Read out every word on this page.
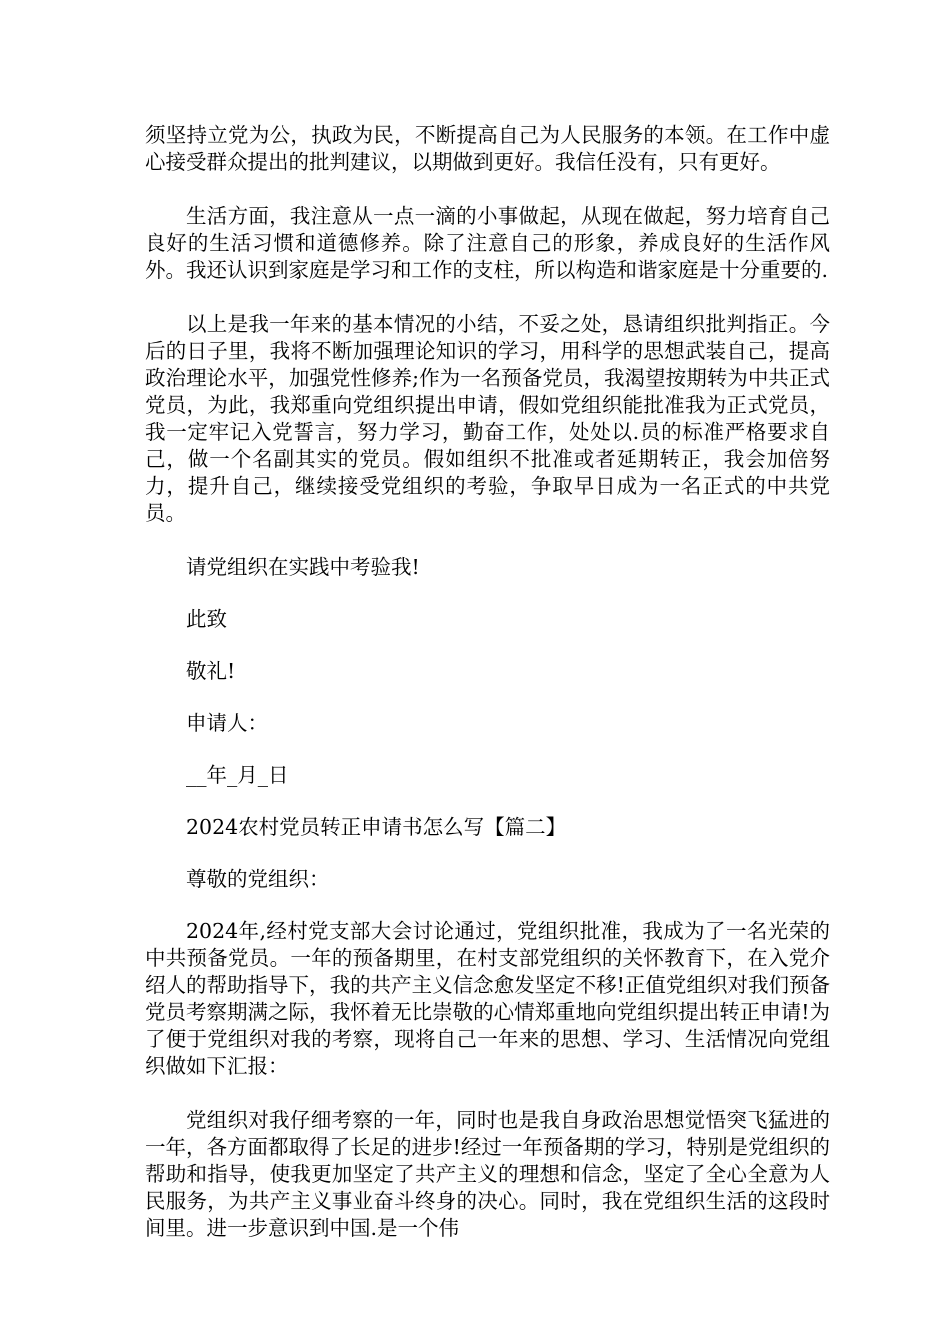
须坚持立党为公，执政为民，不断提高自己为人民服务的本领。在工作中虚心接受群众提出的批判建议，以期做到更好。我信任没有，只有更好。

生活方面，我注意从一点一滴的小事做起，从现在做起，努力培育自己良好的生活习惯和道德修养。除了注意自己的形象，养成良好的生活作风外。我还认识到家庭是学习和工作的支柱，所以构造和谐家庭是十分重要的.

以上是我一年来的基本情况的小结，不妥之处，恳请组织批判指正。今后的日子里，我将不断加强理论知识的学习，用科学的思想武装自己，提高政治理论水平，加强党性修养;作为一名预备党员，我渴望按期转为中共正式党员，为此，我郑重向党组织提出申请，假如党组织能批准我为正式党员，我一定牢记入党誓言，努力学习，勤奋工作，处处以.员的标准严格要求自己，做一个名副其实的党员。假如组织不批准或者延期转正，我会加倍努力，提升自己，继续接受党组织的考验，争取早日成为一名正式的中共党员。

请党组织在实践中考验我!

此致

敬礼!

申请人：

__年_月_日

2024农村党员转正申请书怎么写【篇二】

尊敬的党组织：

2024年,经村党支部大会讨论通过，党组织批准，我成为了一名光荣的中共预备党员。一年的预备期里，在村支部党组织的关怀教育下，在入党介绍人的帮助指导下，我的共产主义信念愈发坚定不移!正值党组织对我们预备党员考察期满之际，我怀着无比崇敬的心情郑重地向党组织提出转正申请!为了便于党组织对我的考察，现将自己一年来的思想、学习、生活情况向党组织做如下汇报：

党组织对我仔细考察的一年，同时也是我自身政治思想觉悟突飞猛进的一年，各方面都取得了长足的进步!经过一年预备期的学习，特别是党组织的帮助和指导，使我更加坚定了共产主义的理想和信念，坚定了全心全意为人民服务，为共产主义事业奋斗终身的决心。同时，我在党组织生活的这段时间里。进一步意识到中国.是一个伟
